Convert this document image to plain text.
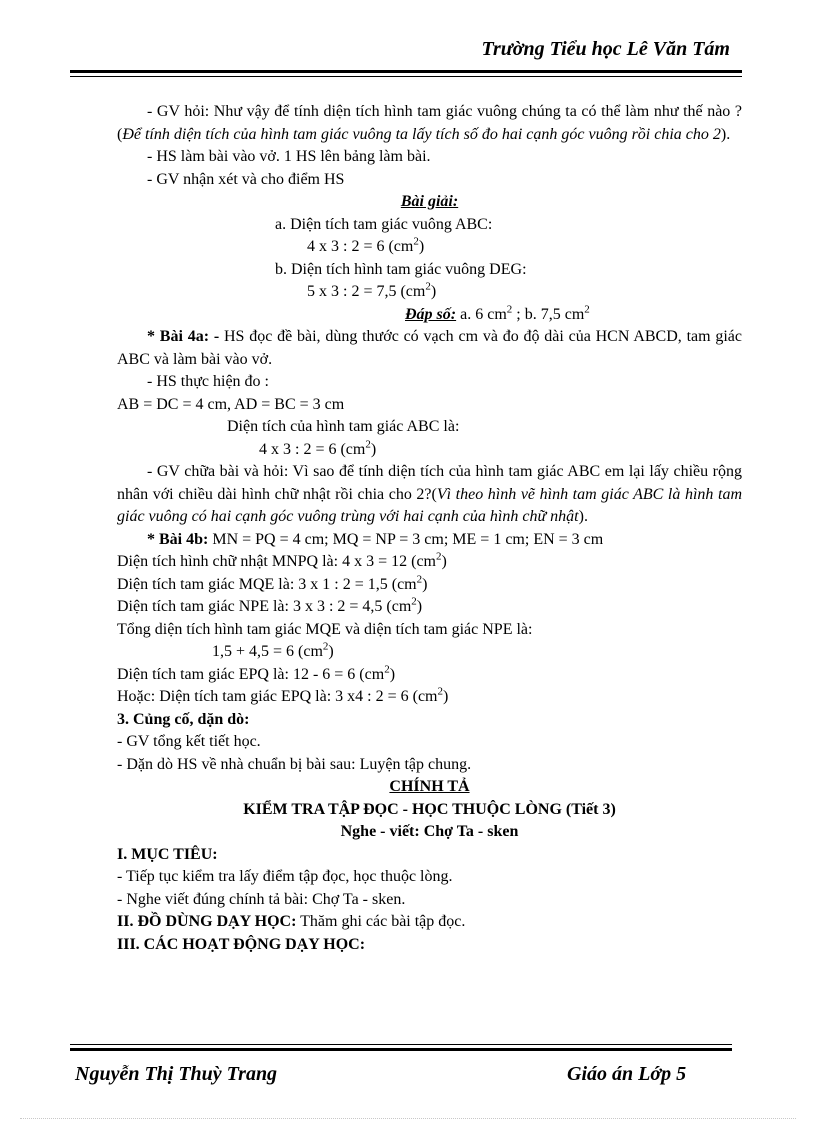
Trường Tiểu học Lê Văn Tám

- GV hỏi: Như vậy để tính diện tích hình tam giác vuông chúng ta có thể làm như thế nào ?(Để tính diện tích của hình tam giác vuông ta lấy tích số đo hai cạnh góc vuông rồi chia cho 2).

- HS làm bài vào vở. 1 HS lên bảng làm bài.

- GV nhận xét và cho điểm HS

Bài giải:

a. Diện tích tam giác vuông ABC:

4 x 3 : 2 = 6 $(cm^2)$

b. Diện tích hình tam giác vuông DEG:

5 x 3 : 2 = 7,5 $(cm^2)$

Đáp số: a. 6 $cm^2$ ; b. 7,5 $cm^2$

* Bài 4a: - HS đọc đề bài, dùng thước có vạch cm và đo độ dài của HCN ABCD, tam giác ABC và làm bài vào vở.

- HS thực hiện đo :

AB = DC = 4 cm, AD = BC = 3 cm

Diện tích của hình tam giác ABC là:

4 x 3 : 2 = 6 $(cm^2)$

- GV chữa bài và hỏi: Vì sao để tính diện tích của hình tam giác ABC em lại lấy chiều rộng nhân với chiều dài hình chữ nhật rồi chia cho 2?(Vì theo hình vẽ hình tam giác ABC là hình tam giác vuông có hai cạnh góc vuông trùng với hai cạnh của hình chữ nhật).

* Bài 4b: MN = PQ = 4 cm; MQ = NP = 3 cm; ME = 1 cm; EN = 3 cm

Diện tích hình chữ nhật MNPQ là: 4 x 3 = 12 $(cm^2)$

Diện tích tam giác MQE là: 3 x 1 : 2 = 1,5 $(cm^2)$

Diện tích tam giác NPE là: 3 x 3 : 2 = 4,5 $(cm^2)$

Tổng diện tích hình tam giác MQE và diện tích tam giác NPE là:

1,5 + 4,5 = 6 $(cm^2)$

Diện tích tam giác EPQ là: 12 - 6 = 6 $(cm^2)$

Hoặc: Diện tích tam giác EPQ là: 3 x4 : 2 = 6 $(cm^2)$

3. Củng cố, dặn dò:

- GV tổng kết tiết học.

- Dặn dò HS về nhà chuẩn bị bài sau: Luyện tập chung.

CHÍNH TẢ

KIỂM TRA TẬP ĐỌC - HỌC THUỘC LÒNG (Tiết 3)

Nghe - viết: Chợ Ta - sken

I. MỤC TIÊU:

- Tiếp tục kiểm tra lấy điểm tập đọc, học thuộc lòng.

- Nghe viết đúng chính tả bài: Chợ Ta - sken.

II. ĐỒ DÙNG DẠY HỌC: Thăm ghi các bài tập đọc.

III. CÁC HOẠT ĐỘNG DẠY HỌC:

Nguyễn Thị Thuỳ Trang	Giáo án Lớp 5
